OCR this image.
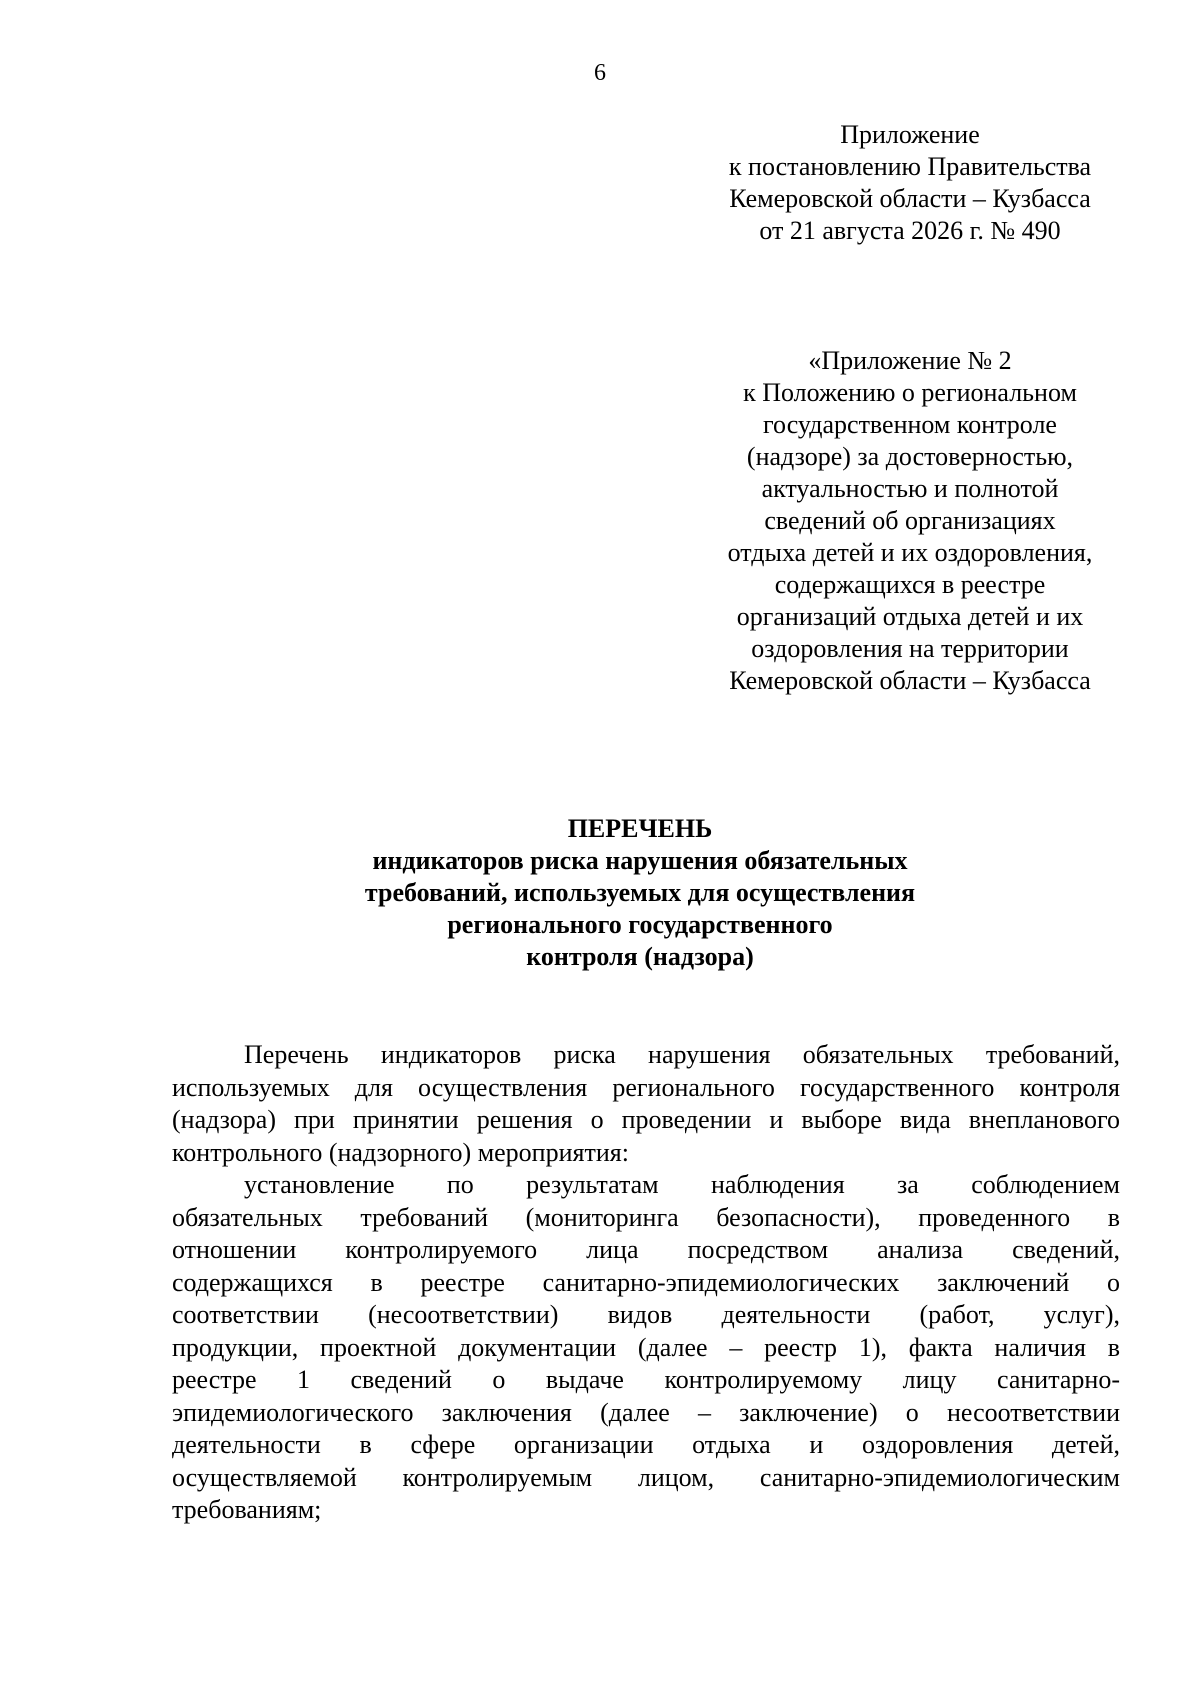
6
Приложение
к постановлению Правительства
Кемеровской области – Кузбасса
от 21 августа 2026 г. № 490
«Приложение № 2
к Положению о региональном
государственном контроле
(надзоре) за достоверностью,
актуальностью и полнотой
сведений об организациях
отдыха детей и их оздоровления,
содержащихся в реестре
организаций отдыха детей и их
оздоровления на территории
Кемеровской области – Кузбасса
ПЕРЕЧЕНЬ
индикаторов риска нарушения обязательных
требований, используемых для осуществления
регионального государственного
контроля (надзора)
Перечень индикаторов риска нарушения обязательных требований,
используемых для осуществления регионального государственного контроля
(надзора) при принятии решения о проведении и выборе вида внепланового
контрольного (надзорного) мероприятия:
установление по результатам наблюдения за соблюдением
обязательных требований (мониторинга безопасности), проведенного в
отношении контролируемого лица посредством анализа сведений,
содержащихся в реестре санитарно-эпидемиологических заключений о
соответствии (несоответствии) видов деятельности (работ, услуг),
продукции, проектной документации (далее – реестр 1), факта наличия в
реестре 1 сведений о выдаче контролируемому лицу санитарно-
эпидемиологического заключения (далее – заключение) о несоответствии
деятельности в сфере организации отдыха и оздоровления детей,
осуществляемой контролируемым лицом, санитарно-эпидемиологическим
требованиям;
